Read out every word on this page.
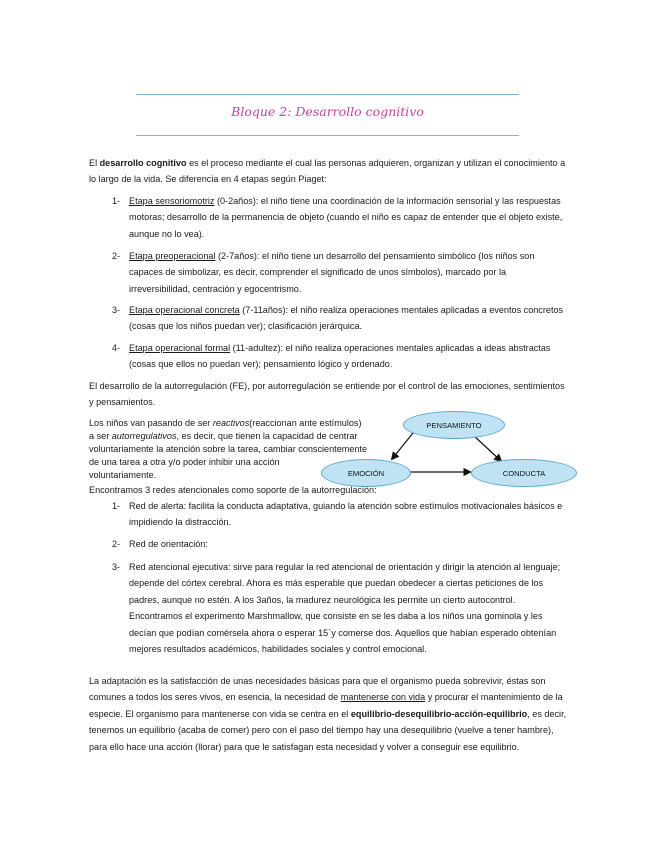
Bloque 2: Desarrollo cognitivo

El desarrollo cognitivo es el proceso mediante el cual las personas adquieren, organizan y utilizan el conocimiento a lo largo de la vida. Se diferencia en 4 etapas según Piaget:

1- Etapa sensoriomotriz (0-2años): el niño tiene una coordinación de la información sensorial y las respuestas motoras; desarrollo de la permanencia de objeto (cuando el niño es capaz de entender que el objeto existe, aunque no lo vea).
2- Etapa preoperacional (2-7años): el niño tiene un desarrollo del pensamiento simbólico (los niños son capaces de simbolizar, es decir, comprender el significado de unos símbolos), marcado por la irreversibilidad, centración y egocentrismo.
3- Etapa operacional concreta (7-11años): el niño realiza operaciones mentales aplicadas a eventos concretos (cosas que los niños puedan ver); clasificación jerárquica.
4- Etapa operacional formal (11-adultez): el niño realiza operaciones mentales aplicadas a ideas abstractas (cosas que ellos no puedan ver); pensamiento lógico y ordenado.

El desarrollo de la autorregulación (FE), por autorregulación se entiende por el control de las emociones, sentimientos y pensamientos.

Los niños van pasando de ser reactivos(reaccionan ante estímulos)
a ser autorregulativos, es decir, que tienen la capacidad de centrar
voluntariamente la atención sobre la tarea, cambiar conscientemente
de una tarea a otra y/o poder inhibir una acción
voluntariamente.
PENSAMIENTO
EMOCIÓN	CONDUCTA

Encontramos 3 redes atencionales como soporte de la autorregulación:

1- Red de alerta: facilita la conducta adaptativa, guiando la atención sobre estímulos motivacionales básicos e impidiendo la distracción.
2- Red de orientación:
3- Red atencional ejecutiva: sirve para regular la red atencional de orientación y dirigir la atención al lenguaje; depende del córtex cerebral. Ahora es más esperable que puedan obedecer a ciertas peticiones de los padres, aunque no estén. A los 3años, la madurez neurológica les permite un cierto autocontrol. Encontramos el experimento Marshmallow, que consiste en se les daba a los niños una gominola y les decían que podían comérsela ahora o esperar 15´y comerse dos. Aquellos que habían esperado obtenían mejores resultados académicos, habilidades sociales y control emocional.

La adaptación es la satisfacción de unas necesidades básicas para que el organismo pueda sobrevivir, éstas son comunes a todos los seres vivos, en esencia, la necesidad de mantenerse con vida y procurar el mantenimiento de la especie. El organismo para mantenerse con vida se centra en el equilibrio-desequilibrio-acción-equilibrio, es decir, tenemos un equilibrio (acaba de comer) pero con el paso del tiempo hay una desequilibrio (vuelve a tener hambre), para ello hace una acción (llorar) para que le satisfagan esta necesidad y volver a conseguir ese equilibrio.
